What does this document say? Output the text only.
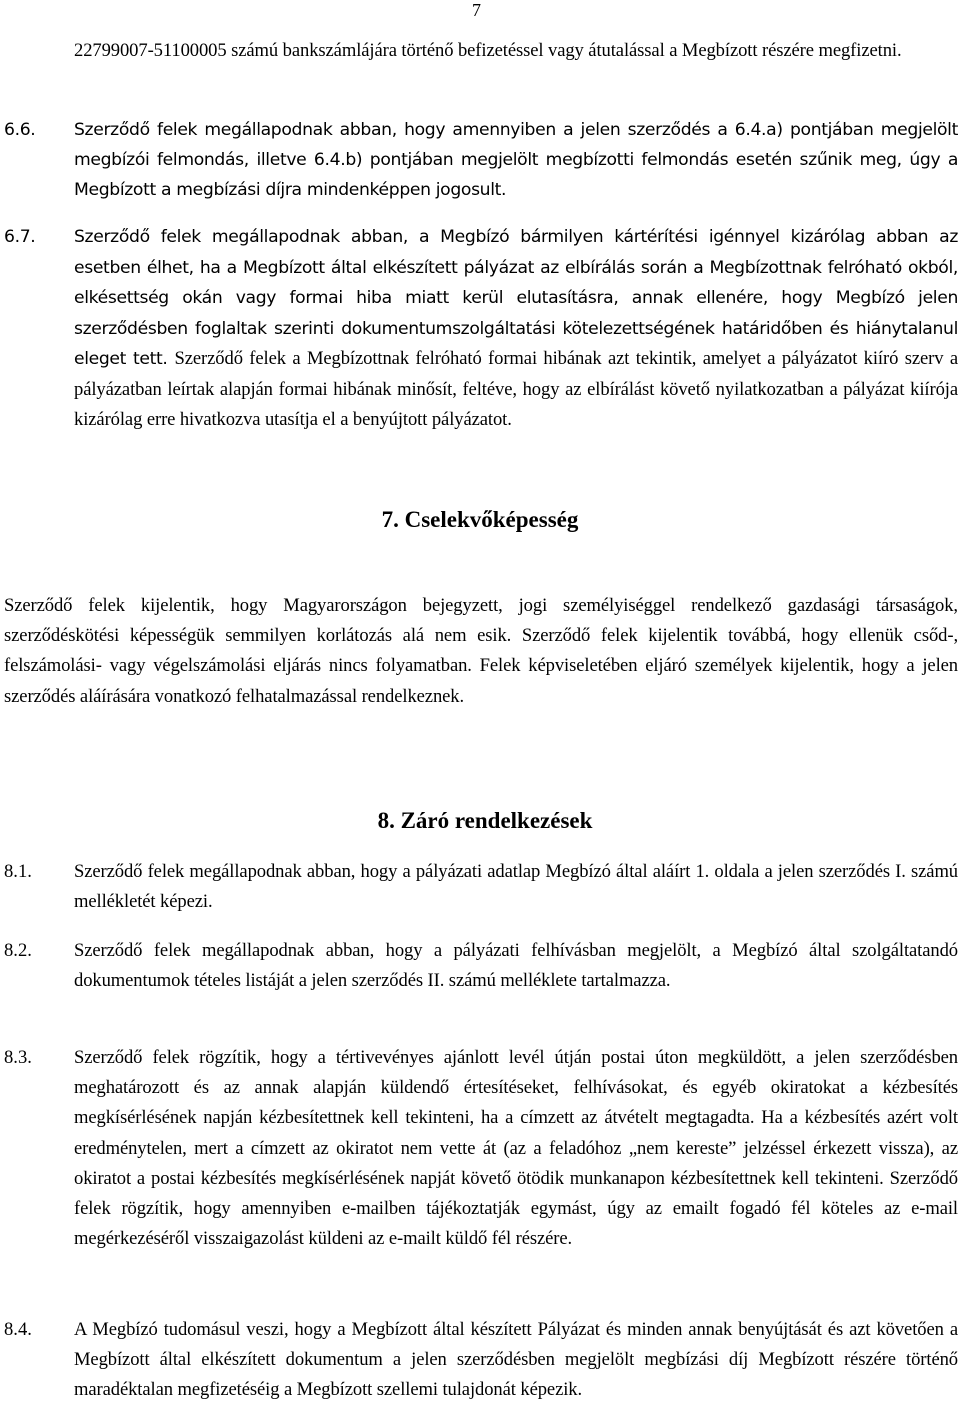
7
22799007-51100005 számú bankszámlájára történő befizetéssel vagy átutalással a Megbízott részére megfizetni.
6.6. Szerződő felek megállapodnak abban, hogy amennyiben a jelen szerződés a 6.4.a) pontjában megjelölt megbízói felmondás, illetve 6.4.b) pontjában megjelölt megbízotti felmondás esetén szűnik meg, úgy a Megbízott a megbízási díjra mindenképpen jogosult.
6.7. Szerződő felek megállapodnak abban, a Megbízó bármilyen kártérítési igénnyel kizárólag abban az esetben élhet, ha a Megbízott által elkészített pályázat az elbírálás során a Megbízottnak felróható okból, elkésettség okán vagy formai hiba miatt kerül elutasításra, annak ellenére, hogy Megbízó jelen szerződésben foglaltak szerinti dokumentumszolgáltatási kötelezettségének határidőben és hiánytalanul eleget tett. Szerződő felek a Megbízottnak felróható formai hibának azt tekintik, amelyet a pályázatot kiíró szerv a pályázatban leírtak alapján formai hibának minősít, feltéve, hogy az elbírálást követő nyilatkozatban a pályázat kiírója kizárólag erre hivatkozva utasítja el a benyújtott pályázatot.
7. Cselekvőképesség
Szerződő felek kijelentik, hogy Magyarországon bejegyzett, jogi személyiséggel rendelkező gazdasági társaságok, szerződéskötési képességük semmilyen korlátozás alá nem esik. Szerződő felek kijelentik továbbá, hogy ellenük csőd-, felszámolási- vagy végelszámolási eljárás nincs folyamatban. Felek képviseletében eljáró személyek kijelentik, hogy a jelen szerződés aláírására vonatkozó felhatalmazással rendelkeznek.
8. Záró rendelkezések
8.1. Szerződő felek megállapodnak abban, hogy a pályázati adatlap Megbízó által aláírt 1. oldala a jelen szerződés I. számú mellékletét képezi.
8.2. Szerződő felek megállapodnak abban, hogy a pályázati felhívásban megjelölt, a Megbízó által szolgáltatandó dokumentumok tételes listáját a jelen szerződés II. számú melléklete tartalmazza.
8.3. Szerződő felek rögzítik, hogy a tértivevényes ajánlott levél útján postai úton megküldött, a jelen szerződésben meghatározott és az annak alapján küldendő értesítéseket, felhívásokat, és egyéb okiratokat a kézbesítés megkísérlésének napján kézbesítettnek kell tekinteni, ha a címzett az átvételt megtagadta. Ha a kézbesítés azért volt eredménytelen, mert a címzett az okiratot nem vette át (az a feladóhoz „nem kereste” jelzéssel érkezett vissza), az okiratot a postai kézbesítés megkísérlésének napját követő ötödik munkanapon kézbesítettnek kell tekinteni. Szerződő felek rögzítik, hogy amennyiben e-mailben tájékoztatják egymást, úgy az emailt fogadó fél köteles az e-mail megérkezéséről visszaigazolást küldeni az e-mailt küldő fél részére.
8.4. A Megbízó tudomásul veszi, hogy a Megbízott által készített Pályázat és minden annak benyújtását és azt követően a Megbízott által elkészített dokumentum a jelen szerződésben megjelölt megbízási díj Megbízott részére történő maradéktalan megfizetéséig a Megbízott szellemi tulajdonát képezik.
